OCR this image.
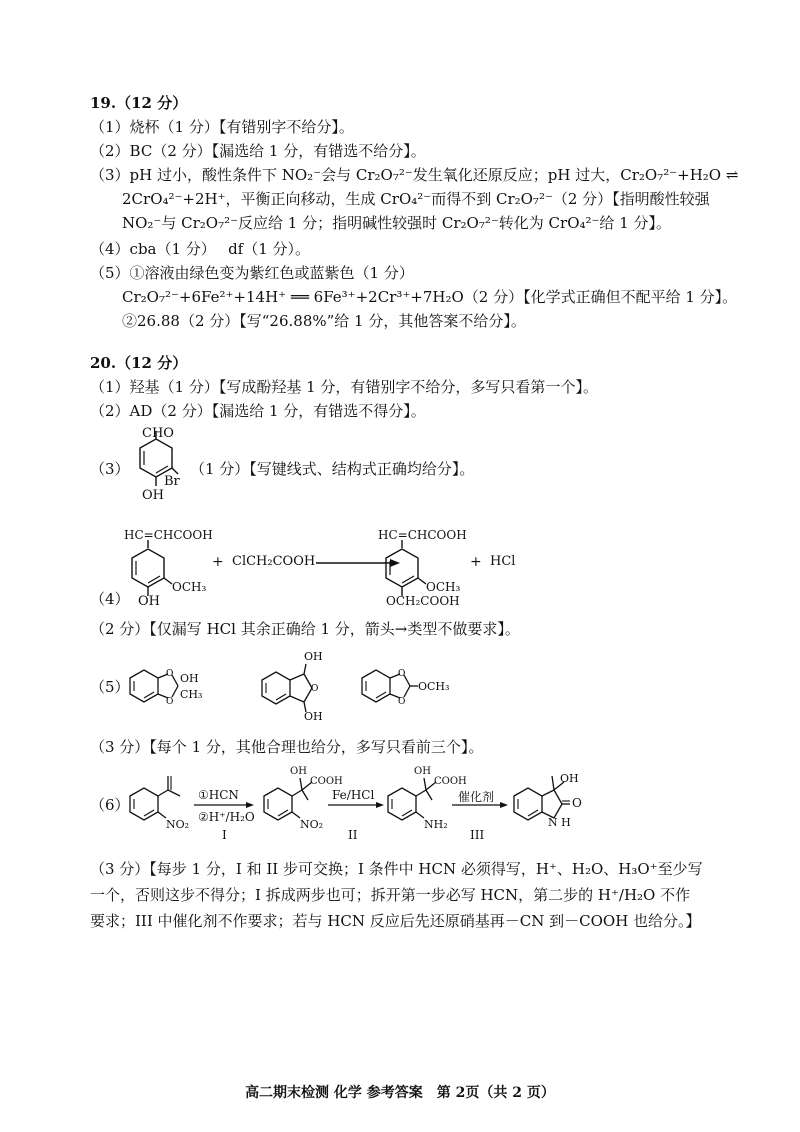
19.（12 分）
（1）烧杯（1 分）【有错别字不给分】。
（2）BC（2 分）【漏选给 1 分，有错选不给分】。
（3）pH 过小，酸性条件下 NO₂⁻会与 Cr₂O₇²⁻发生氧化还原反应；pH 过大，Cr₂O₇²⁻+H₂O ⇌
2CrO₄²⁻+2H⁺，平衡正向移动，生成 CrO₄²⁻而得不到 Cr₂O₇²⁻（2 分）【指明酸性较强
NO₂⁻与 Cr₂O₇²⁻反应给 1 分；指明碱性较强时 Cr₂O₇²⁻转化为 CrO₄²⁻给 1 分】。
（4）cba（1 分）　 df（1 分）。
（5）①溶液由绿色变为紫红色或蓝紫色（1 分）
Cr₂O₇²⁻+6Fe²⁺+14H⁺ ══ 6Fe³⁺+2Cr³⁺+7H₂O（2 分）【化学式正确但不配平给 1 分】。
②26.88（2 分）【写“26.88%”给 1 分，其他答案不给分】。
20.（12 分）
（1）羟基（1 分）【写成酚羟基 1 分，有错别字不给分，多写只看第一个】。
（2）AD（2 分）【漏选给 1 分，有错选不得分】。
（3）
CHO
Br
OH
（1 分）【写键线式、结构式正确均给分】。
（4）
HC=CHCOOH
OCH₃
OH
+ ClCH₂COOH
HC=CHCOOH
OCH₃
OCH₂COOH
+ HCl
（2 分）【仅漏写 HCl 其余正确给 1 分，箭头→类型不做要求】。
（5）
O
O
OH
CH₃	O
OH
OH
O
O
OCH₃
（3 分）【每个 1 分，其他合理也给分，多写只看前三个】。
（6）
NO₂
①HCN
②H⁺/H₂O
I
OH
COOH
NO₂
Fe/HCl
II
OH
COOH
NH₂
催化剂
III
OH
O
N H
（3 分）【每步 1 分，I 和 II 步可交换；I 条件中 HCN 必须得写，H⁺、H₂O、H₃O⁺至少写
一个，否则这步不得分；I 拆成两步也可；拆开第一步必写 HCN，第二步的 H⁺/H₂O 不作
要求；III 中催化剂不作要求；若与 HCN 反应后先还原硝基再－CN 到－COOH 也给分。】
高二期末检测 化学 参考答案　第 2页（共 2 页）
